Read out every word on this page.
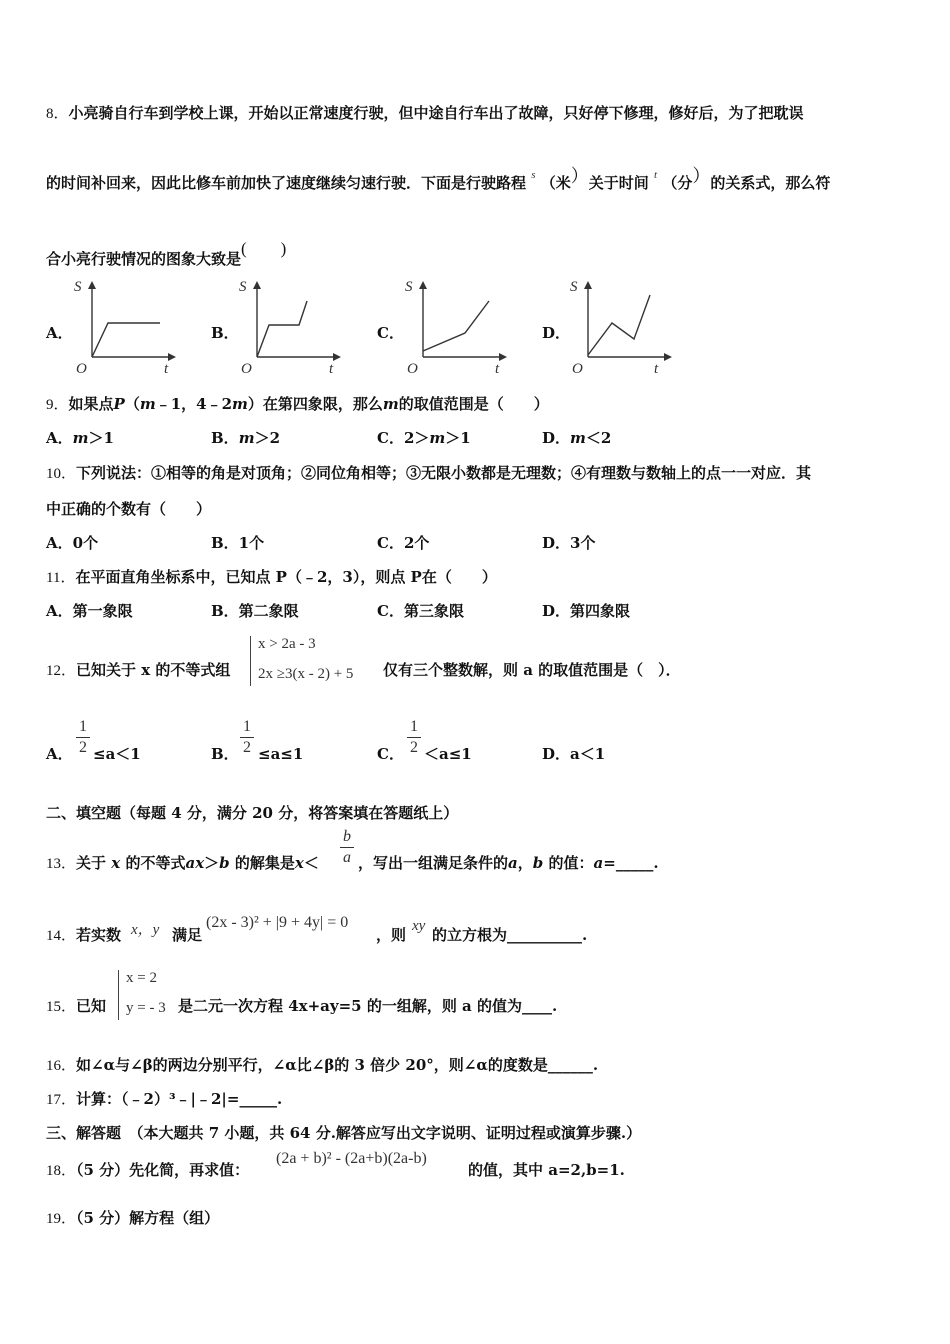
8．小亮骑自行车到学校上课，开始以正常速度行驶，但中途自行车出了故障，只好停下修理，修好后，为了把耽误
的时间补回来，因此比修车前加快了速度继续匀速行驶．下面是行驶路程 $^s$ （米）关于时间 $^t$ （分）的关系式，那么符
合小亮行驶情况的图象大致是(　　)
A．
S
t
O
B．
S
t
O
C．
S
t
O
D．
S
t
O
9．如果点P（m﹣1，4﹣2m）在第四象限，那么m的取值范围是（　　）
A．m＞1	B．m＞2	C．2＞m＞1	D．m＜2
10．下列说法：①相等的角是对顶角；②同位角相等；③无限小数都是无理数；④有理数与数轴上的点一一对应．其
中正确的个数有（　　）
A．0个	B．1个	C．2个	D．3个
11．在平面直角坐标系中，已知点 P（﹣2，3），则点 P在（　　）
A．第一象限	B．第二象限	C．第三象限	D．第四象限
12．已知关于 x 的不等式组
x > 2a - 3
2x ≥3(x - 2) + 5 仅有三个整数解，则 a 的取值范围是（　）．
A．
1
2 ≤a＜1	B．
1
2 ≤a≤1	C．
1
2 ＜a≤1	D．a＜1
二、填空题（每题 4 分，满分 20 分，将答案填在答题纸上）
13．关于 x 的不等式ax＞b 的解集是x＜
b
a ，写出一组满足条件的a，b 的值：a=_____.
14．若实数 x，y 满足
(2x - 3)² + |9 + 4y| = 0
，则 xy 的立方根为__________.
15．已知
x = 2
y = - 3 是二元一次方程 4x+ay=5 的一组解，则 a 的值为____.
16．如∠α与∠β的两边分别平行，∠α比∠β的 3 倍少 20°，则∠α的度数是______.
17．计算：（﹣2）³﹣|﹣2|=_____.
三、解答题　（本大题共 7 小题，共 64 分.解答应写出文字说明、证明过程或演算步骤.）
18．（5 分）先化简，再求值：
(2a + b)² - (2a+b)(2a-b)
的值，其中 a=2,b=1.
19．（5 分）解方程（组）
